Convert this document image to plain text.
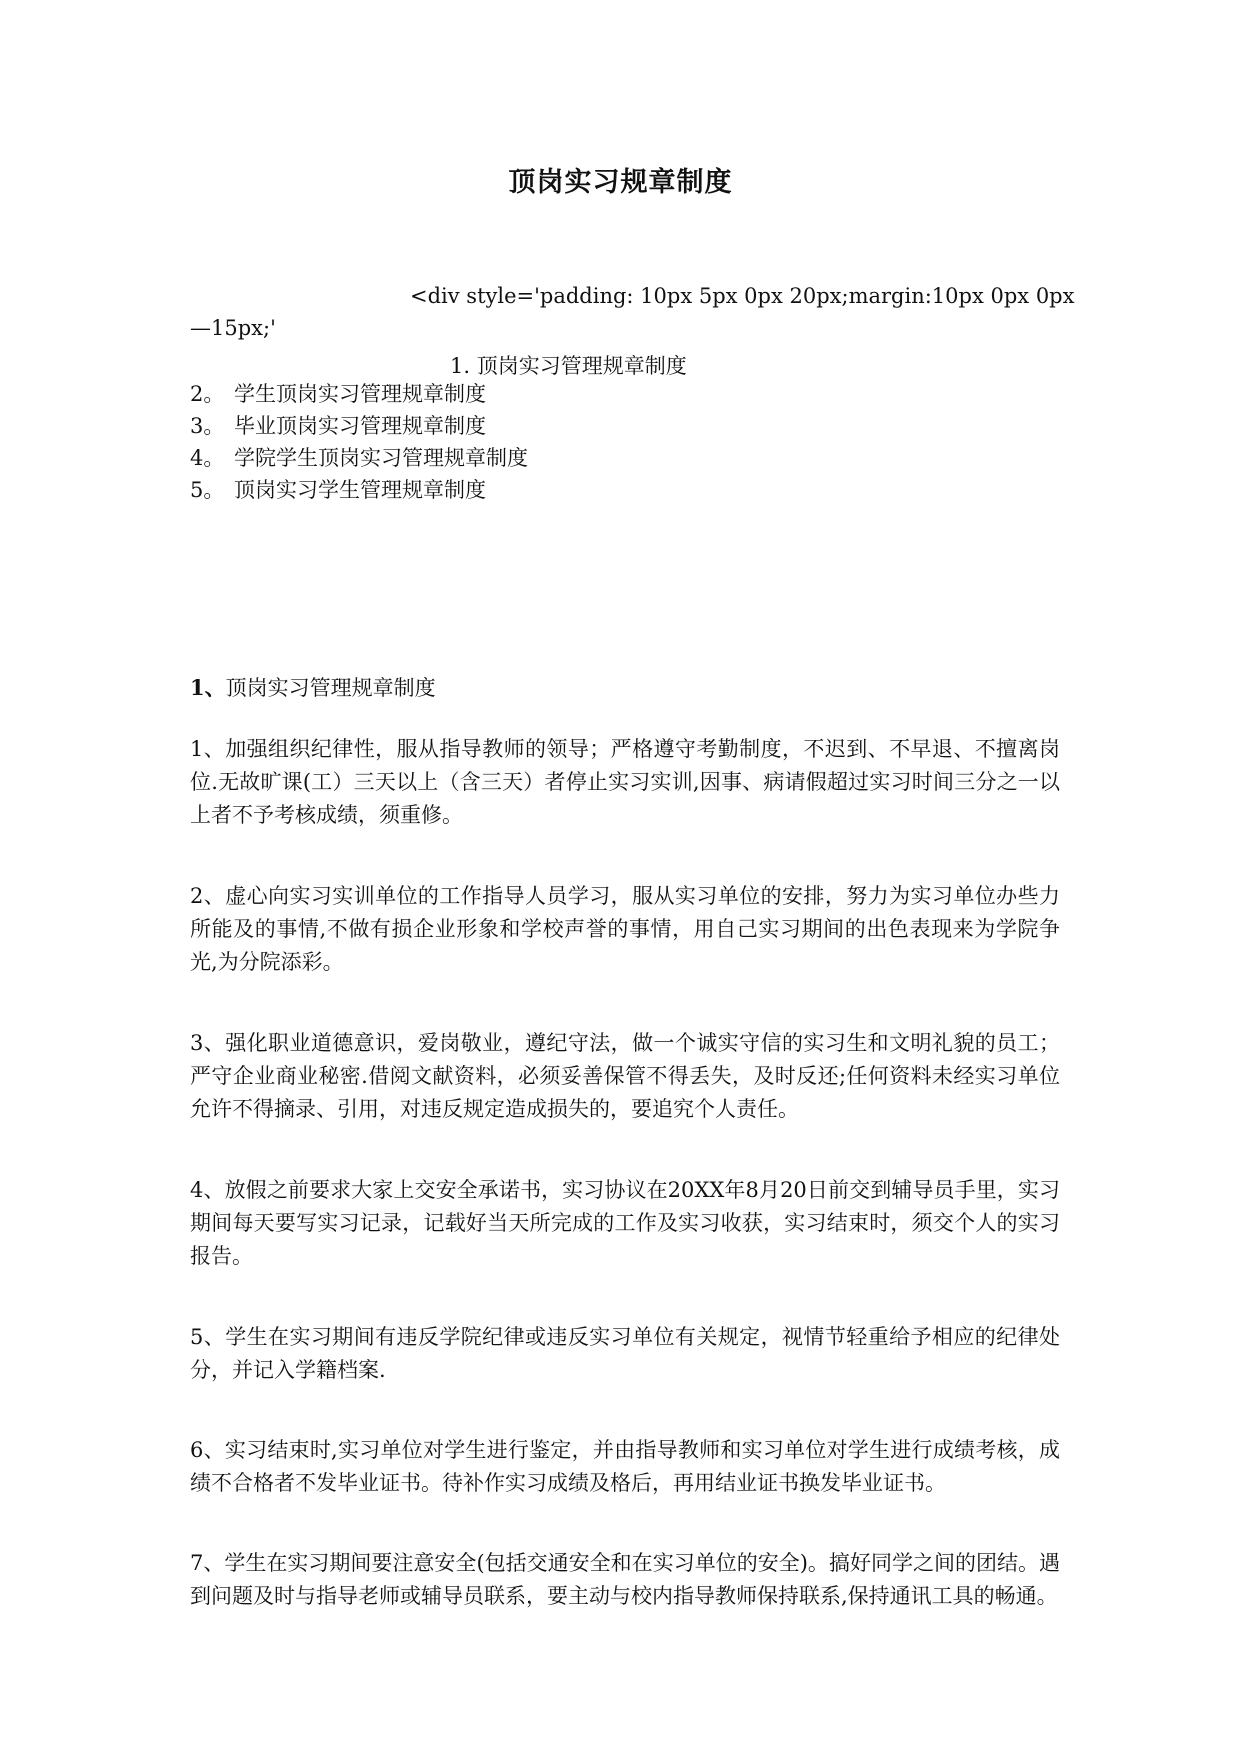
顶岗实习规章制度
<div style='padding: 10px 5px 0px 20px;margin:10px 0px 0px
—15px;'
1. 顶岗实习管理规章制度
2。 学生顶岗实习管理规章制度
3。 毕业顶岗实习管理规章制度
4。 学院学生顶岗实习管理规章制度
5。 顶岗实习学生管理规章制度
1、顶岗实习管理规章制度

1、加强组织纪律性，服从指导教师的领导；严格遵守考勤制度，不迟到、不早退、不擅离岗位.无故旷课(工）三天以上（含三天）者停止实习实训,因事、病请假超过实习时间三分之一以上者不予考核成绩，须重修。

2、虚心向实习实训单位的工作指导人员学习，服从实习单位的安排，努力为实习单位办些力所能及的事情,不做有损企业形象和学校声誉的事情，用自己实习期间的出色表现来为学院争光,为分院添彩。

3、强化职业道德意识，爱岗敬业，遵纪守法，做一个诚实守信的实习生和文明礼貌的员工；严守企业商业秘密.借阅文献资料，必须妥善保管不得丢失，及时反还;任何资料未经实习单位允许不得摘录、引用，对违反规定造成损失的，要追究个人责任。

4、放假之前要求大家上交安全承诺书，实习协议在20XX年8月20日前交到辅导员手里，实习期间每天要写实习记录，记载好当天所完成的工作及实习收获，实习结束时，须交个人的实习报告。

5、学生在实习期间有违反学院纪律或违反实习单位有关规定，视情节轻重给予相应的纪律处分，并记入学籍档案.

6、实习结束时,实习单位对学生进行鉴定，并由指导教师和实习单位对学生进行成绩考核，成绩不合格者不发毕业证书。待补作实习成绩及格后，再用结业证书换发毕业证书。

7、学生在实习期间要注意安全(包括交通安全和在实习单位的安全)。搞好同学之间的团结。遇到问题及时与指导老师或辅导员联系，要主动与校内指导教师保持联系,保持通讯工具的畅通。
